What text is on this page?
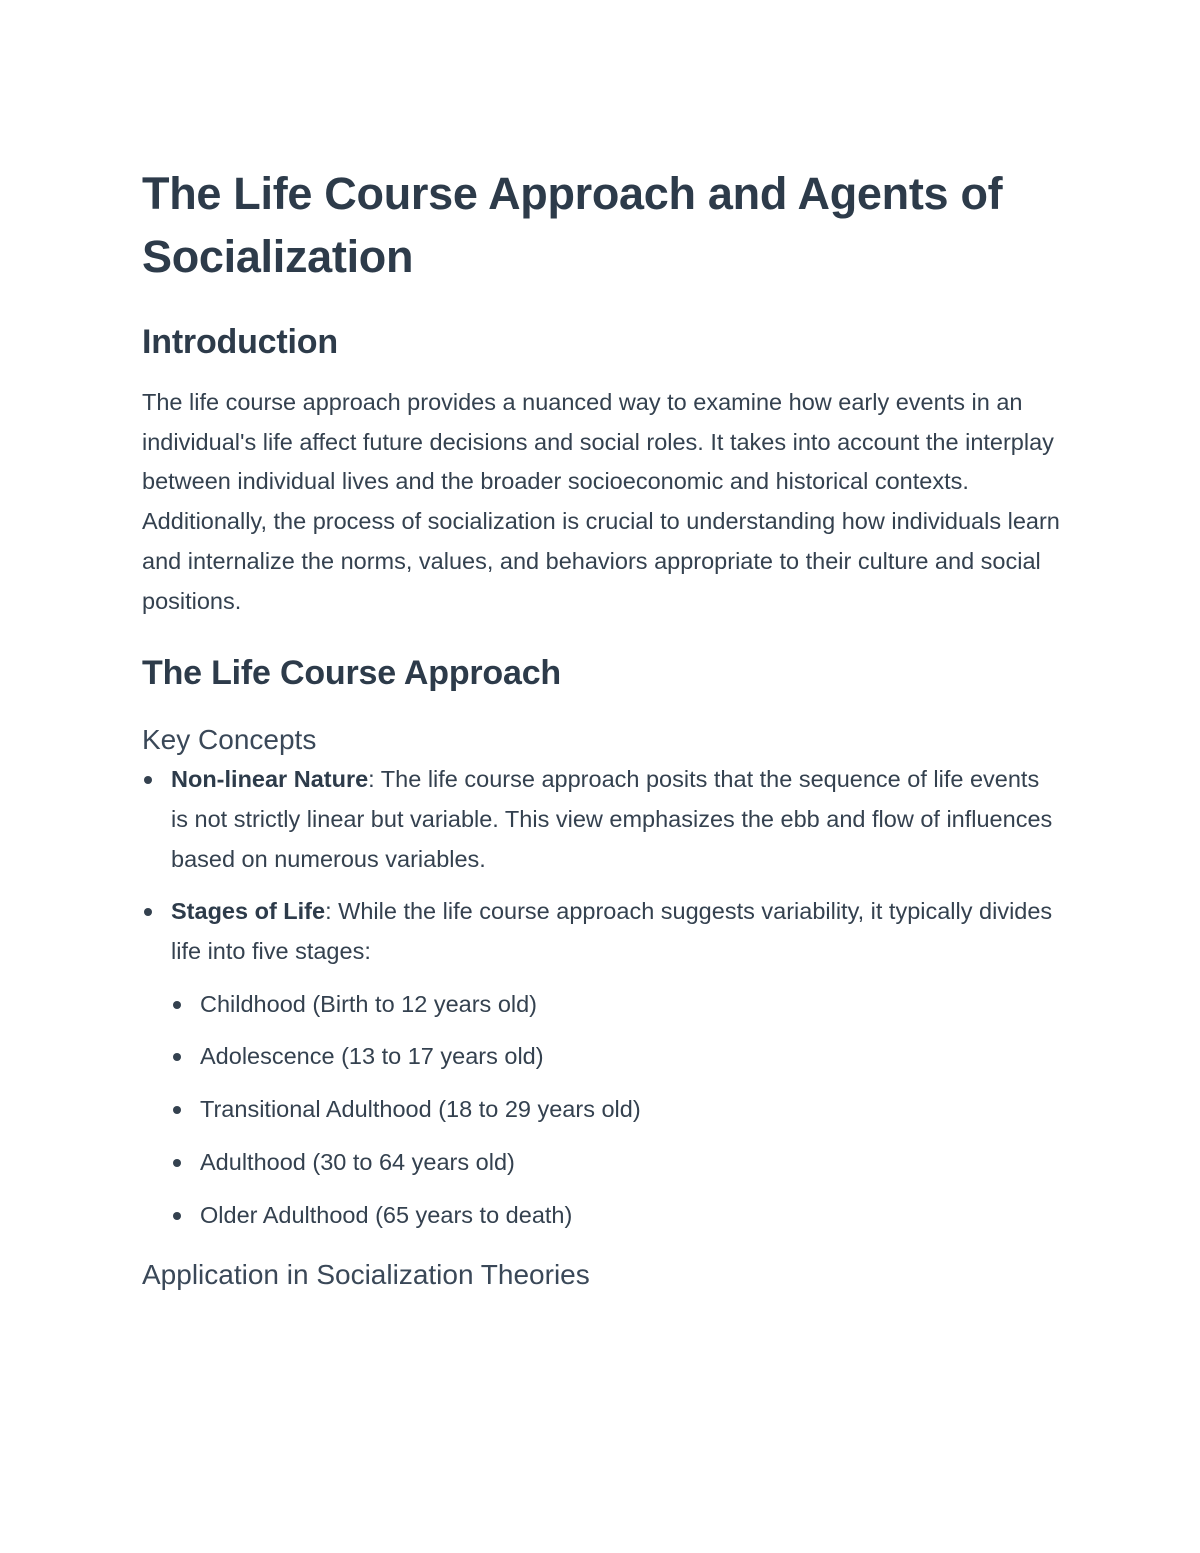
The Life Course Approach and Agents of Socialization
Introduction

The life course approach provides a nuanced way to examine how early events in an individual's life affect future decisions and social roles. It takes into account the interplay between individual lives and the broader socioeconomic and historical contexts. Additionally, the process of socialization is crucial to understanding how individuals learn and internalize the norms, values, and behaviors appropriate to their culture and social positions.

The Life Course Approach
Key Concepts
Non-linear Nature: The life course approach posits that the sequence of life events is not strictly linear but variable. This view emphasizes the ebb and flow of influences based on numerous variables.
Stages of Life: While the life course approach suggests variability, it typically divides life into five stages:
Childhood (Birth to 12 years old)
Adolescence (13 to 17 years old)
Transitional Adulthood (18 to 29 years old)
Adulthood (30 to 64 years old)
Older Adulthood (65 years to death)
Application in Socialization Theories
